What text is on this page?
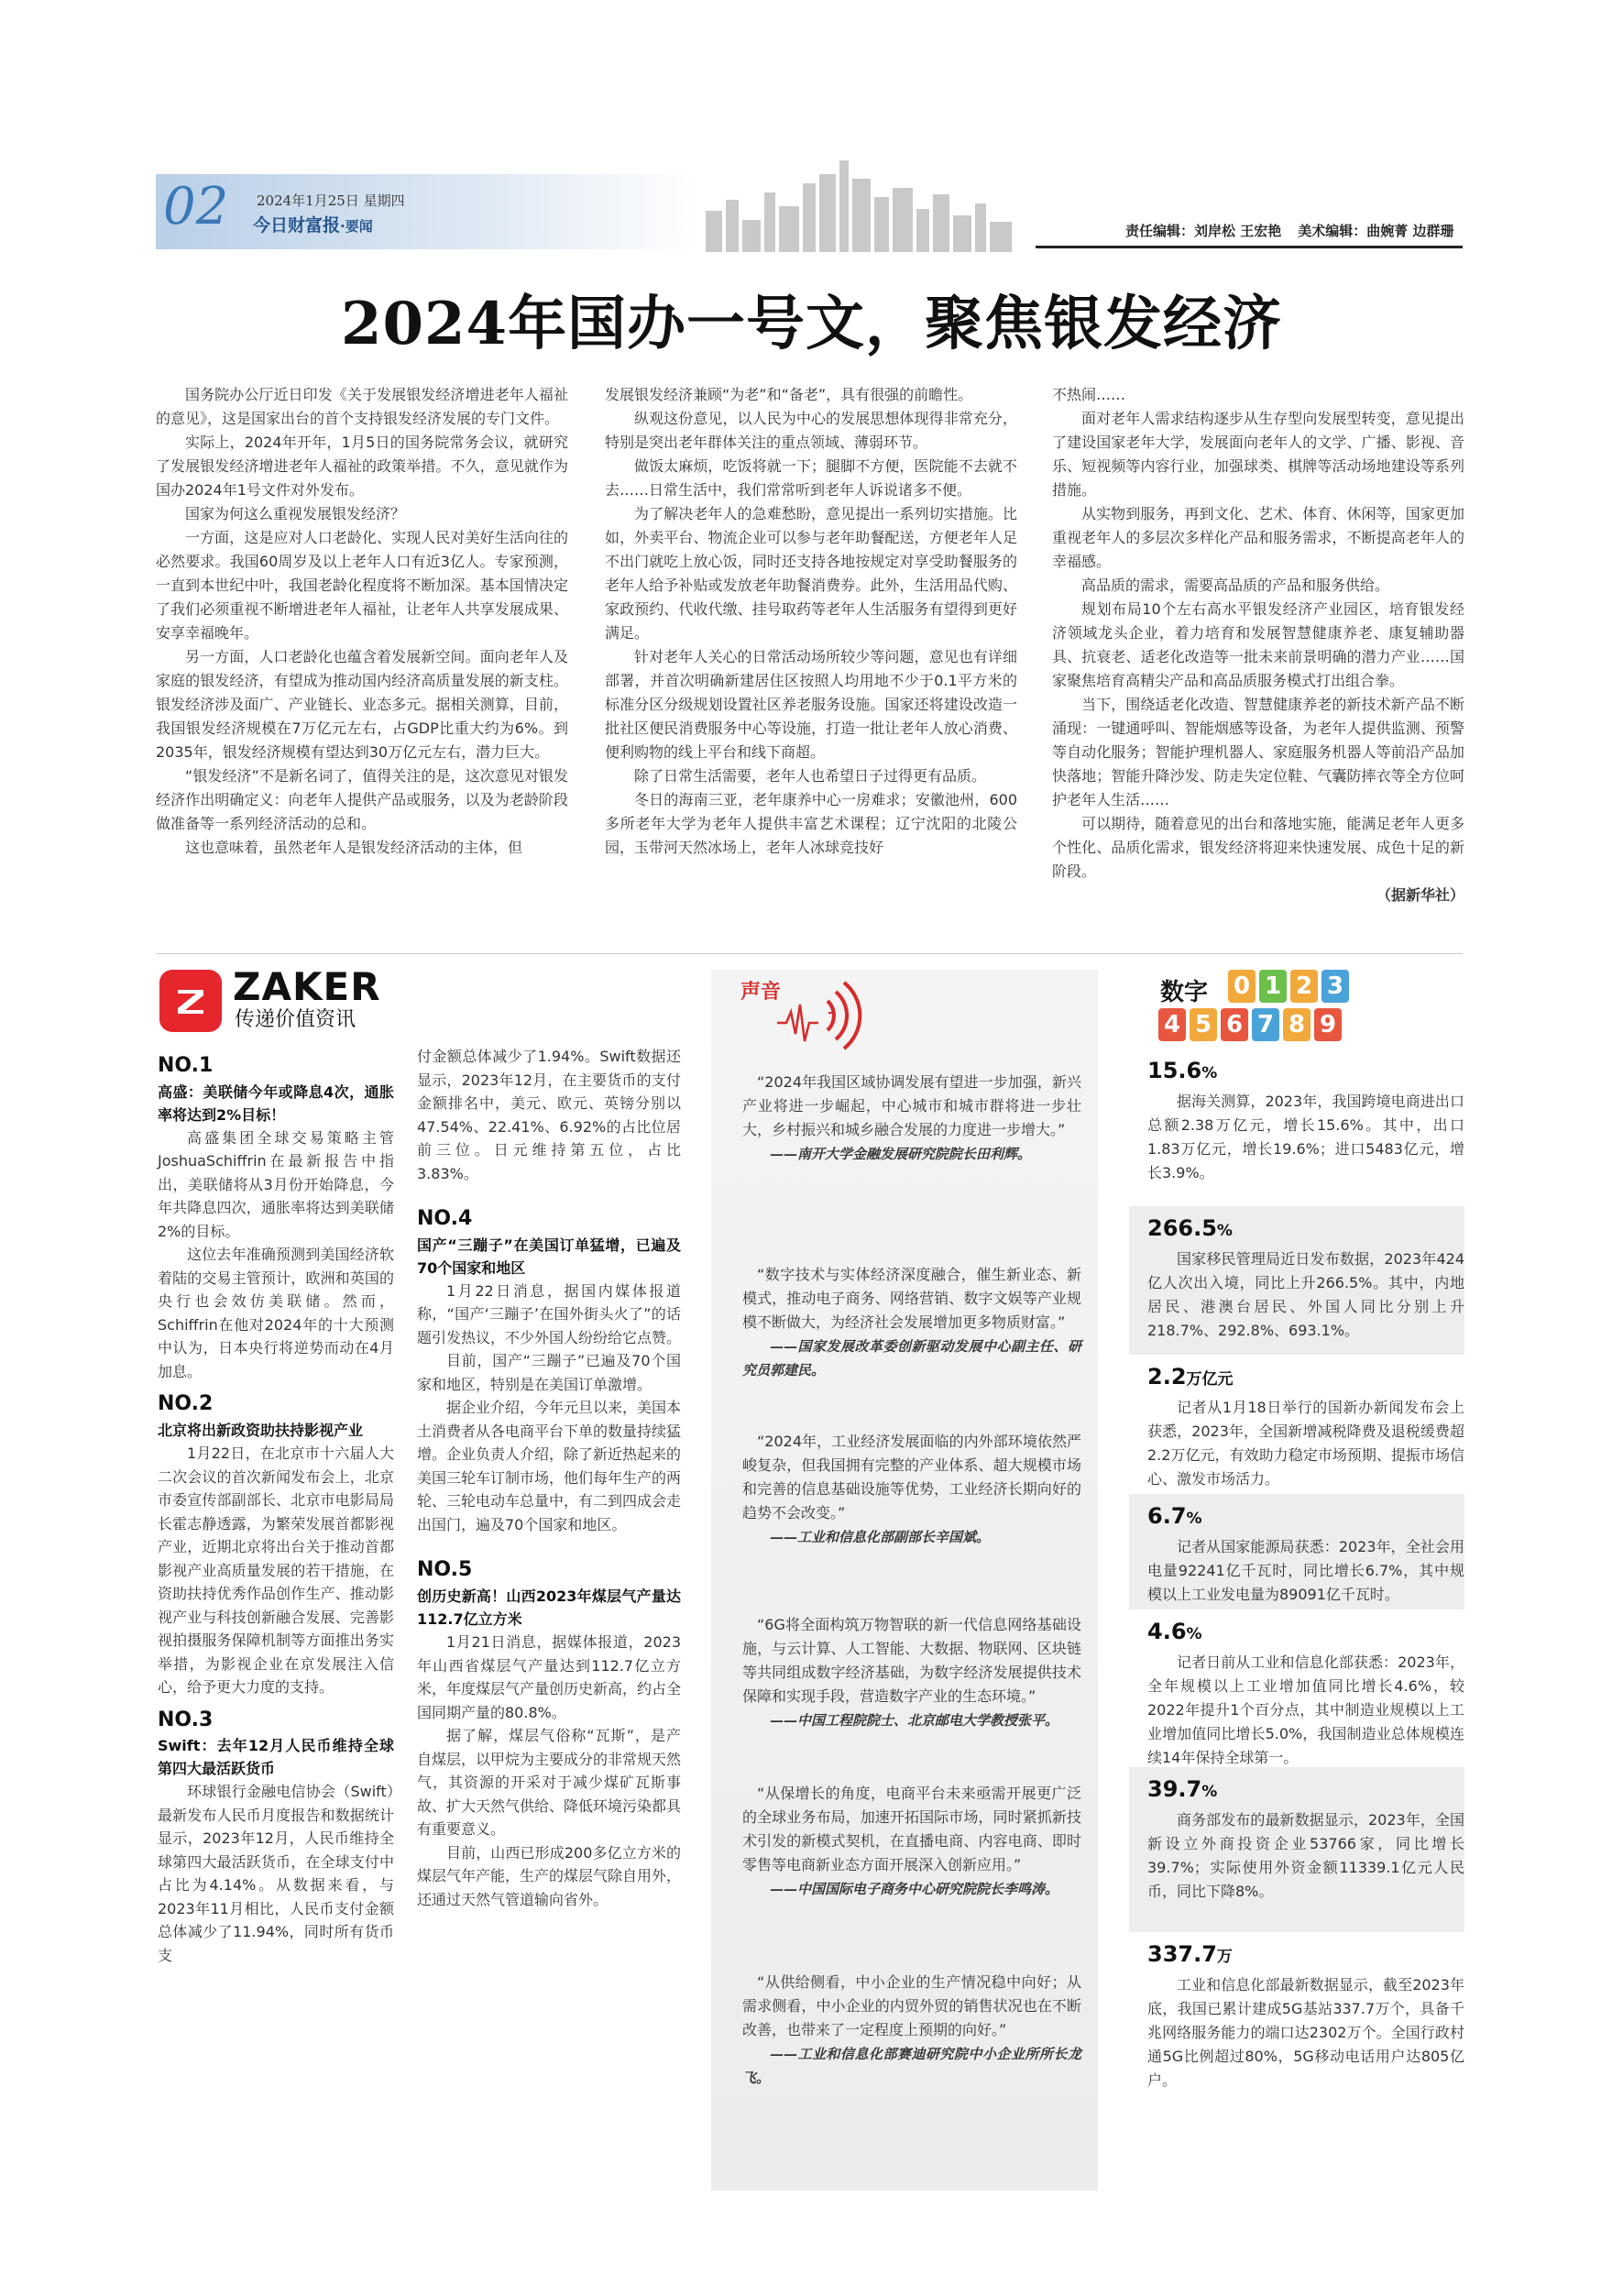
02 2024年1月25日 星期四
今日财富报·要闻	责任编辑：刘岸松 王宏艳 美术编辑：曲婉菁 边群珊
2024年国办一号文，聚焦银发经济

国务院办公厅近日印发《关于发展银发经济增进老年人福祉的意见》，这是国家出台的首个支持银发经济发展的专门文件。

实际上，2024年开年，1月5日的国务院常务会议，就研究了发展银发经济增进老年人福祉的政策举措。不久，意见就作为国办2024年1号文件对外发布。

国家为何这么重视发展银发经济？

一方面，这是应对人口老龄化、实现人民对美好生活向往的必然要求。我国60周岁及以上老年人口有近3亿人。专家预测，一直到本世纪中叶，我国老龄化程度将不断加深。基本国情决定了我们必须重视不断增进老年人福祉，让老年人共享发展成果、安享幸福晚年。

另一方面，人口老龄化也蕴含着发展新空间。面向老年人及家庭的银发经济，有望成为推动国内经济高质量发展的新支柱。银发经济涉及面广、产业链长、业态多元。据相关测算，目前，我国银发经济规模在7万亿元左右，占GDP比重大约为6%。到2035年，银发经济规模有望达到30万亿元左右，潜力巨大。

“银发经济”不是新名词了，值得关注的是，这次意见对银发经济作出明确定义：向老年人提供产品或服务，以及为老龄阶段做准备等一系列经济活动的总和。

这也意味着，虽然老年人是银发经济活动的主体，但

发展银发经济兼顾“为老”和“备老”，具有很强的前瞻性。

纵观这份意见，以人民为中心的发展思想体现得非常充分，特别是突出老年群体关注的重点领域、薄弱环节。

做饭太麻烦，吃饭将就一下；腿脚不方便，医院能不去就不去……日常生活中，我们常常听到老年人诉说诸多不便。

为了解决老年人的急难愁盼，意见提出一系列切实措施。比如，外卖平台、物流企业可以参与老年助餐配送，方便老年人足不出门就吃上放心饭，同时还支持各地按规定对享受助餐服务的老年人给予补贴或发放老年助餐消费券。此外，生活用品代购、家政预约、代收代缴、挂号取药等老年人生活服务有望得到更好满足。

针对老年人关心的日常活动场所较少等问题，意见也有详细部署，并首次明确新建居住区按照人均用地不少于0.1平方米的标准分区分级规划设置社区养老服务设施。国家还将建设改造一批社区便民消费服务中心等设施，打造一批让老年人放心消费、便利购物的线上平台和线下商超。

除了日常生活需要，老年人也希望日子过得更有品质。

冬日的海南三亚，老年康养中心一房难求；安徽池州，600多所老年大学为老年人提供丰富艺术课程；辽宁沈阳的北陵公园，玉带河天然冰场上，老年人冰球竞技好

不热闹……

面对老年人需求结构逐步从生存型向发展型转变，意见提出了建设国家老年大学，发展面向老年人的文学、广播、影视、音乐、短视频等内容行业，加强球类、棋牌等活动场地建设等系列措施。

从实物到服务，再到文化、艺术、体育、休闲等，国家更加重视老年人的多层次多样化产品和服务需求，不断提高老年人的幸福感。

高品质的需求，需要高品质的产品和服务供给。

规划布局10个左右高水平银发经济产业园区，培育银发经济领域龙头企业，着力培育和发展智慧健康养老、康复辅助器具、抗衰老、适老化改造等一批未来前景明确的潜力产业……国家聚焦培育高精尖产品和高品质服务模式打出组合拳。

当下，围绕适老化改造、智慧健康养老的新技术新产品不断涌现：一键通呼叫、智能烟感等设备，为老年人提供监测、预警等自动化服务；智能护理机器人、家庭服务机器人等前沿产品加快落地；智能升降沙发、防走失定位鞋、气囊防摔衣等全方位呵护老年人生活……

可以期待，随着意见的出台和落地实施，能满足老年人更多个性化、品质化需求，银发经济将迎来快速发展、成色十足的新阶段。

（据新华社）
ZAKER
传递价值资讯
NO.1
高盛：美联储今年或降息4次，通胀率将达到2%目标！

高盛集团全球交易策略主管JoshuaSchiffrin在最新报告中指出，美联储将从3月份开始降息，今年共降息四次，通胀率将达到美联储2%的目标。

这位去年准确预测到美国经济软着陆的交易主管预计，欧洲和英国的央行也会效仿美联储。然而，Schiffrin在他对2024年的十大预测中认为，日本央行将逆势而动在4月加息。

NO.2
北京将出新政资助扶持影视产业

1月22日，在北京市十六届人大二次会议的首次新闻发布会上，北京市委宣传部副部长、北京市电影局局长霍志静透露，为繁荣发展首都影视产业，近期北京将出台关于推动首都影视产业高质量发展的若干措施，在资助扶持优秀作品创作生产、推动影视产业与科技创新融合发展、完善影视拍摄服务保障机制等方面推出务实举措，为影视企业在京发展注入信心，给予更大力度的支持。

NO.3
Swift：去年12月人民币维持全球第四大最活跃货币

环球银行金融电信协会（Swift）最新发布人民币月度报告和数据统计显示，2023年12月，人民币维持全球第四大最活跃货币，在全球支付中占比为4.14%。从数据来看，与2023年11月相比，人民币支付金额总体减少了11.94%，同时所有货币支

付金额总体减少了1.94%。Swift数据还显示，2023年12月，在主要货币的支付金额排名中，美元、欧元、英镑分别以47.54%、22.41%、6.92%的占比位居前三位。日元维持第五位，占比3.83%。

NO.4
国产“三蹦子”在美国订单猛增，已遍及70个国家和地区

1月22日消息，据国内媒体报道称，“国产‘三蹦子’在国外街头火了”的话题引发热议，不少外国人纷纷给它点赞。

目前，国产“三蹦子”已遍及70个国家和地区，特别是在美国订单激增。

据企业介绍，今年元旦以来，美国本土消费者从各电商平台下单的数量持续猛增。企业负责人介绍，除了新近热起来的美国三轮车订制市场，他们每年生产的两轮、三轮电动车总量中，有二到四成会走出国门，遍及70个国家和地区。

NO.5
创历史新高！山西2023年煤层气产量达112.7亿立方米

1月21日消息，据媒体报道，2023年山西省煤层气产量达到112.7亿立方米，年度煤层气产量创历史新高，约占全国同期产量的80.8%。

据了解，煤层气俗称“瓦斯”，是产自煤层，以甲烷为主要成分的非常规天然气，其资源的开采对于减少煤矿瓦斯事故、扩大天然气供给、降低环境污染都具有重要意义。

目前，山西已形成200多亿立方米的煤层气年产能，生产的煤层气除自用外，还通过天然气管道输向省外。

声音

“2024年我国区域协调发展有望进一步加强，新兴产业将进一步崛起，中心城市和城市群将进一步壮大，乡村振兴和城乡融合发展的力度进一步增大。”

——南开大学金融发展研究院院长田利辉。

“数字技术与实体经济深度融合，催生新业态、新模式，推动电子商务、网络营销、数字文娱等产业规模不断做大，为经济社会发展增加更多物质财富。”

——国家发展改革委创新驱动发展中心副主任、研究员郭建民。

“2024年，工业经济发展面临的内外部环境依然严峻复杂，但我国拥有完整的产业体系、超大规模市场和完善的信息基础设施等优势，工业经济长期向好的趋势不会改变。”

——工业和信息化部副部长辛国斌。

“6G将全面构筑万物智联的新一代信息网络基础设施，与云计算、人工智能、大数据、物联网、区块链等共同组成数字经济基础，为数字经济发展提供技术保障和实现手段，营造数字产业的生态环境。”

——中国工程院院士、北京邮电大学教授张平。

“从保增长的角度，电商平台未来亟需开展更广泛的全球业务布局，加速开拓国际市场，同时紧抓新技术引发的新模式契机，在直播电商、内容电商、即时零售等电商新业态方面开展深入创新应用。”

——中国国际电子商务中心研究院院长李鸣涛。

“从供给侧看，中小企业的生产情况稳中向好；从需求侧看，中小企业的内贸外贸的销售状况也在不断改善，也带来了一定程度上预期的向好。”

——工业和信息化部赛迪研究院中小企业所所长龙飞。
数字 0 1 2 3
4 5 6 7 8 9
15.6%

据海关测算，2023年，我国跨境电商进出口总额2.38万亿元，增长15.6%。其中，出口1.83万亿元，增长19.6%；进口5483亿元，增长3.9%。

266.5%

国家移民管理局近日发布数据，2023年424亿人次出入境，同比上升266.5%。其中，内地居民、港澳台居民、外国人同比分别上升218.7%、292.8%、693.1%。

2.2万亿元

记者从1月18日举行的国新办新闻发布会上获悉，2023年，全国新增减税降费及退税缓费超2.2万亿元，有效助力稳定市场预期、提振市场信心、激发市场活力。

6.7%

记者从国家能源局获悉：2023年，全社会用电量92241亿千瓦时，同比增长6.7%，其中规模以上工业发电量为89091亿千瓦时。

4.6%

记者日前从工业和信息化部获悉：2023年，全年规模以上工业增加值同比增长4.6%，较2022年提升1个百分点，其中制造业规模以上工业增加值同比增长5.0%，我国制造业总体规模连续14年保持全球第一。

39.7%

商务部发布的最新数据显示，2023年，全国新设立外商投资企业53766家，同比增长39.7%；实际使用外资金额11339.1亿元人民币，同比下降8%。

337.7万

工业和信息化部最新数据显示，截至2023年底，我国已累计建成5G基站337.7万个，具备千兆网络服务能力的端口达2302万个。全国行政村通5G比例超过80%，5G移动电话用户达805亿户。
